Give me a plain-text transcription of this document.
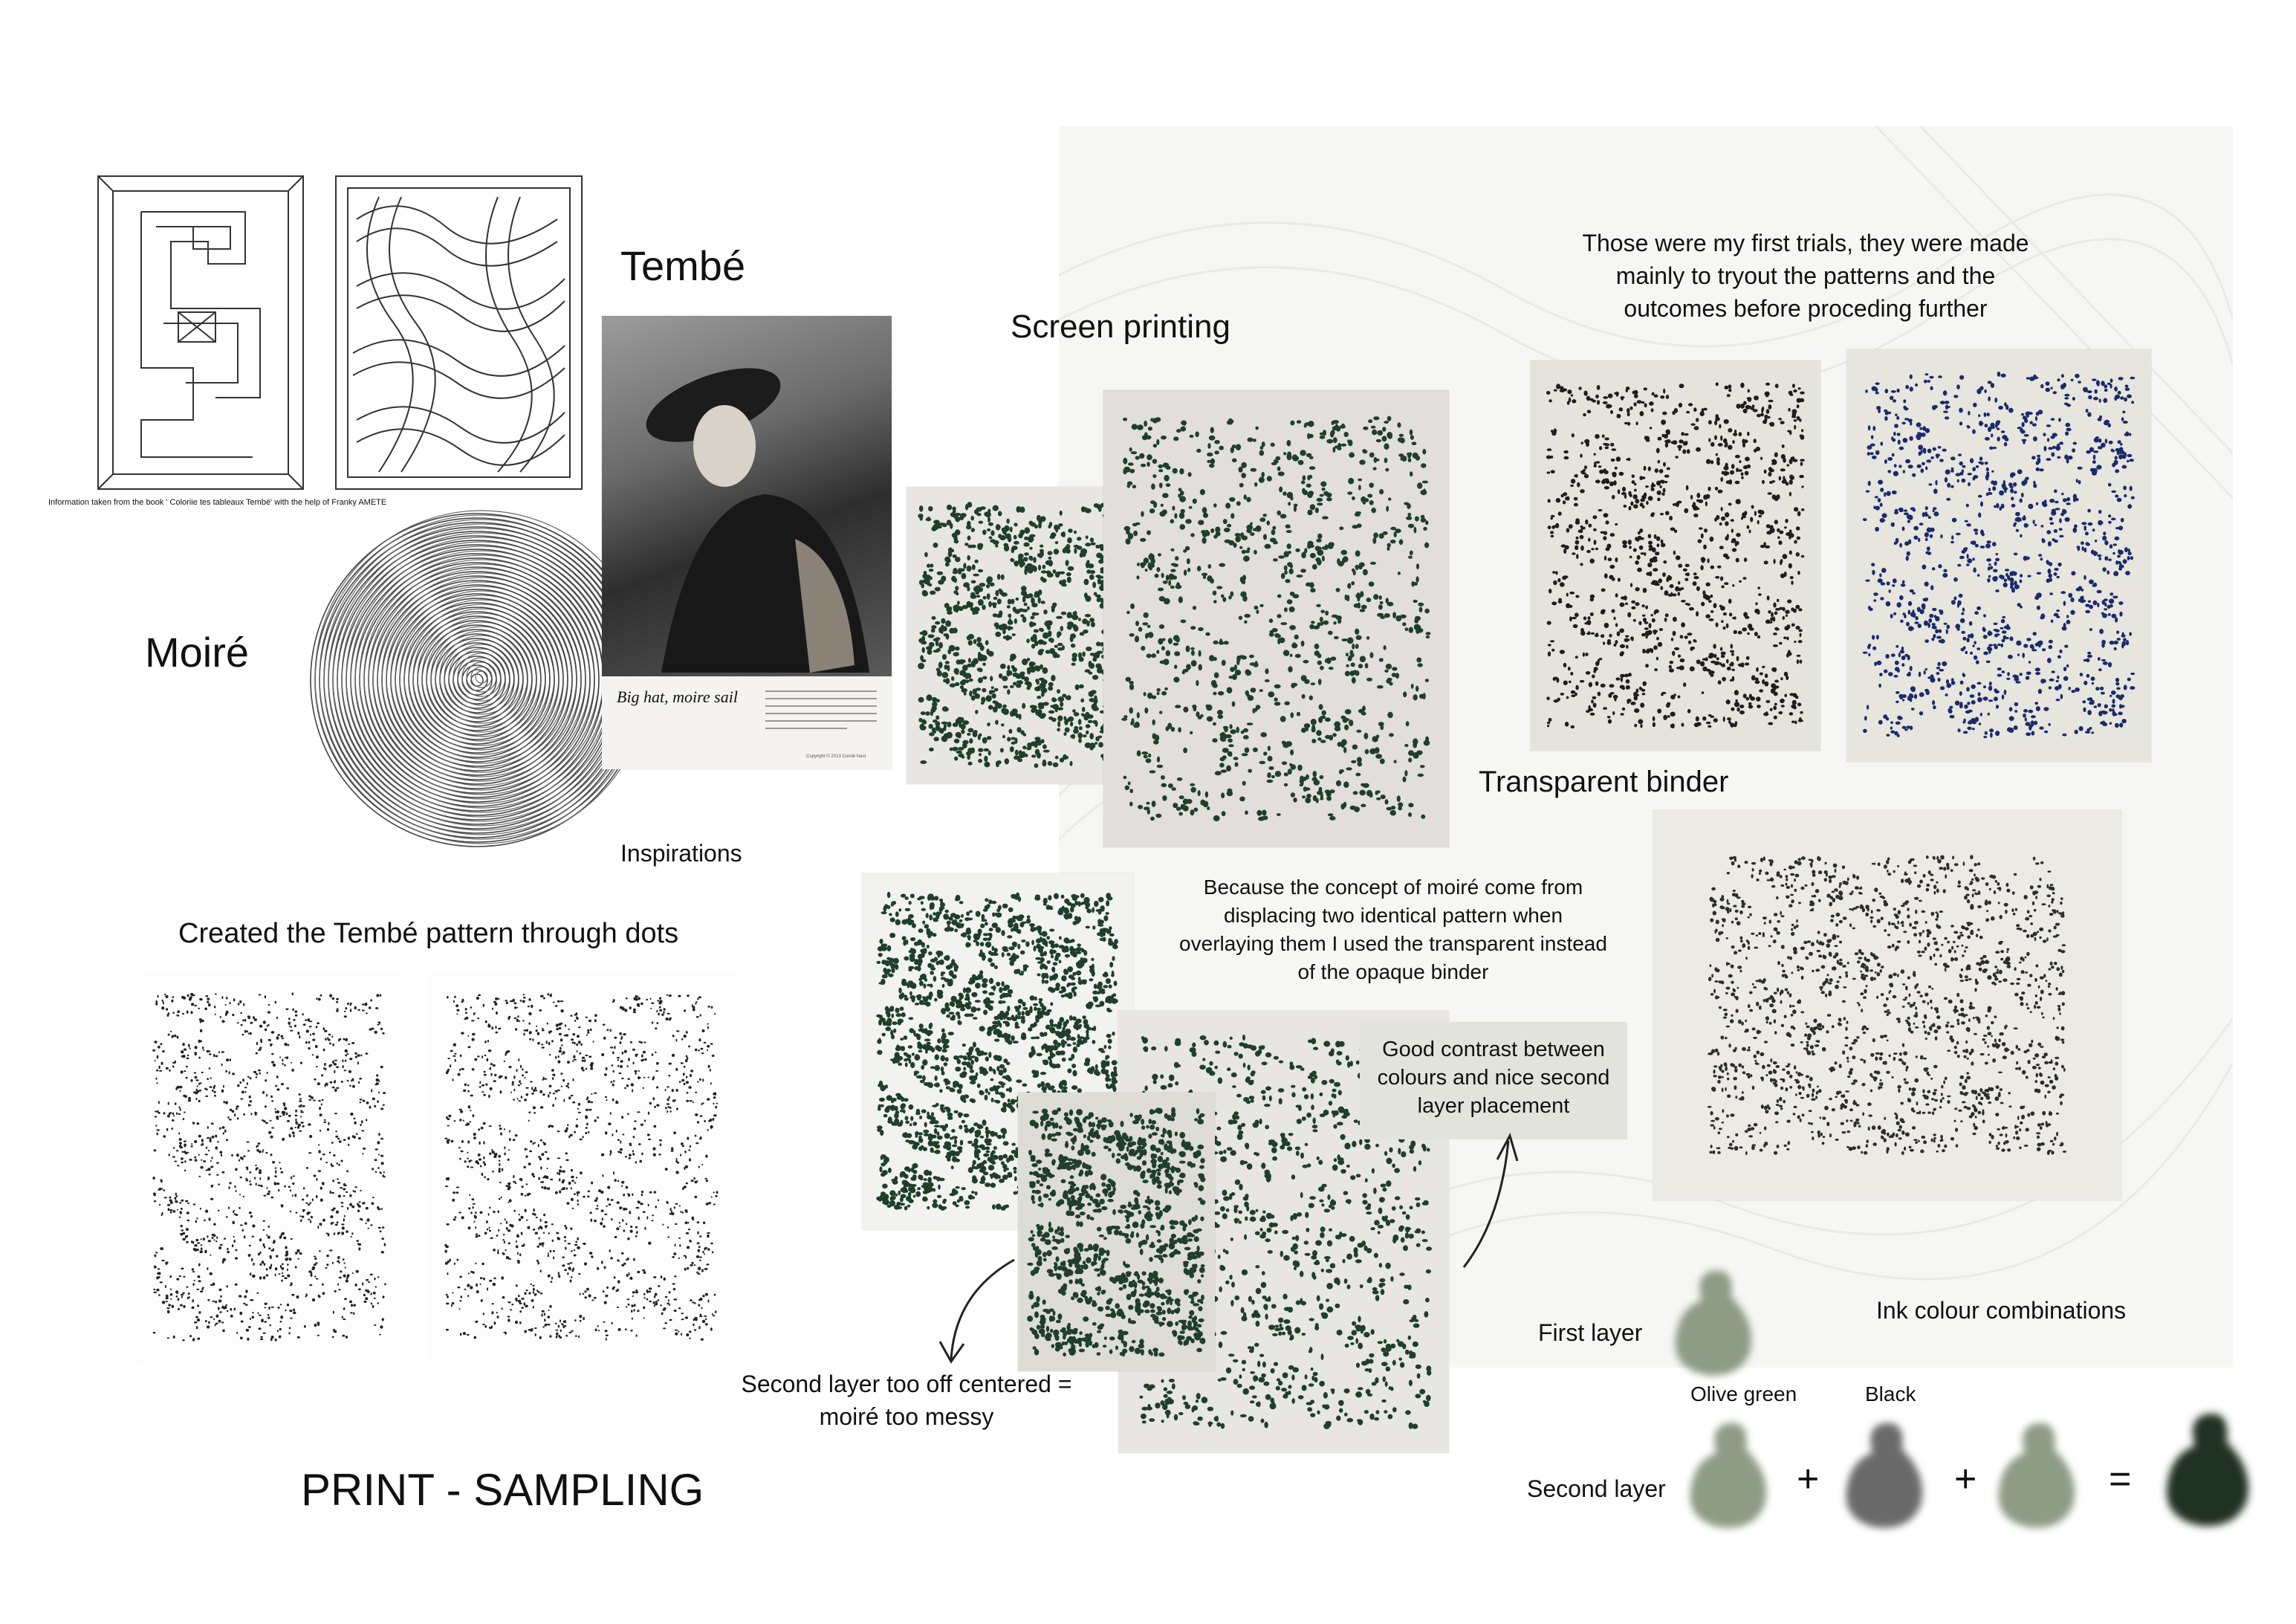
Information taken from the book ' Coloriie tes tableaux Tembé' with the help of Franky AMETE
Tembé
Moiré
Big hat, moire sail
Copyright © 2013 Condé Nast
Inspirations
Created the Tembé pattern through dots
PRINT - SAMPLING
Screen printing
Because the concept of moiré come from displacing two identical pattern when overlaying them I used the transparent instead of the opaque binder
Good contrast between colours and nice second layer placement
Second layer too off centered = moiré too messy
Those were my first trials, they were made mainly to tryout the patterns and the outcomes before proceding further
Transparent binder
Ink colour combinations
First layer
Olive green	Black
Second layer	+	+	=
